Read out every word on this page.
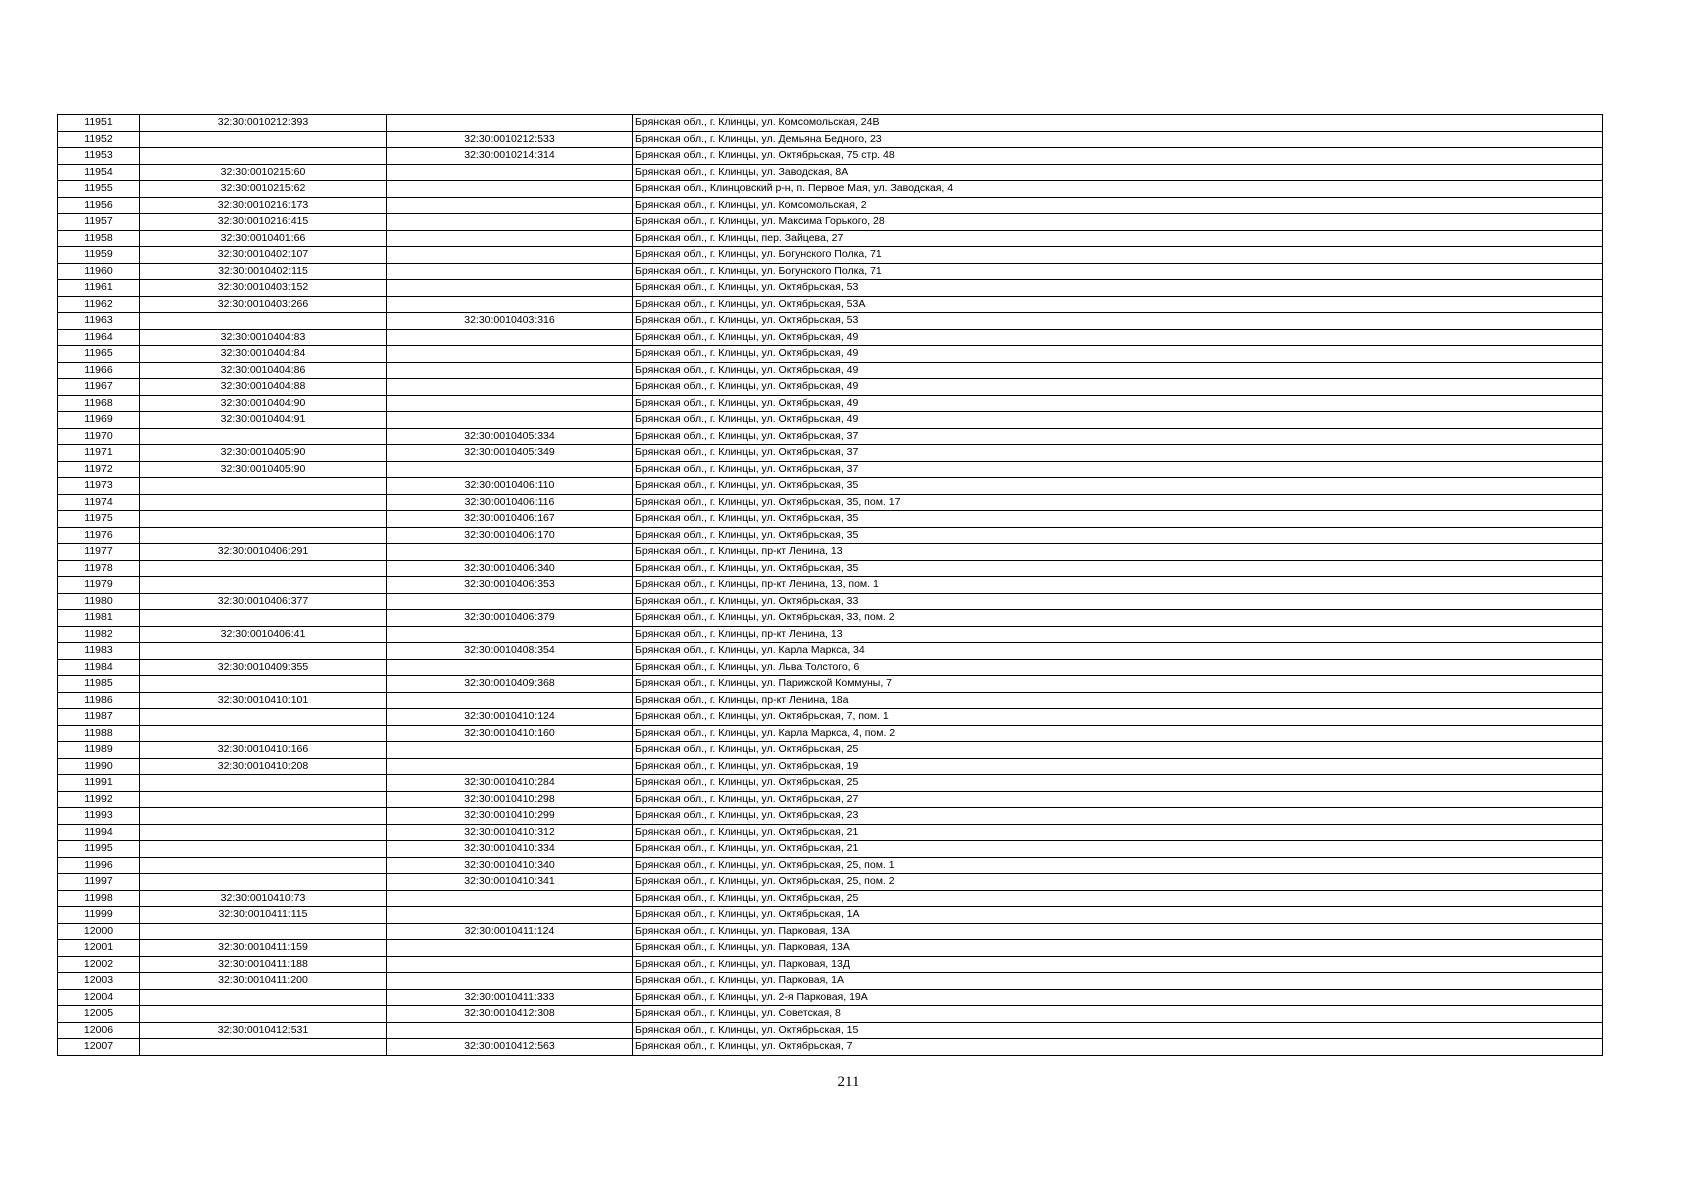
11951	32:30:0010212:393		Брянская обл., г. Клинцы, ул. Комсомольская, 24В
11952		32:30:0010212:533	Брянская обл., г. Клинцы, ул. Демьяна Бедного, 23
11953		32:30:0010214:314	Брянская обл., г. Клинцы, ул. Октябрьская, 75 стр. 48
11954	32:30:0010215:60		Брянская обл., г. Клинцы, ул. Заводская, 8А
11955	32:30:0010215:62		Брянская обл., Клинцовский р-н, п. Первое Мая, ул. Заводская, 4
11956	32:30:0010216:173		Брянская обл., г. Клинцы, ул. Комсомольская, 2
11957	32:30:0010216:415		Брянская обл., г. Клинцы, ул. Максима Горького, 28
11958	32:30:0010401:66		Брянская обл., г. Клинцы, пер. Зайцева, 27
11959	32:30:0010402:107		Брянская обл., г. Клинцы, ул. Богунского Полка, 71
11960	32:30:0010402:115		Брянская обл., г. Клинцы, ул. Богунского Полка, 71
11961	32:30:0010403:152		Брянская обл., г. Клинцы, ул. Октябрьская, 53
11962	32:30:0010403:266		Брянская обл., г. Клинцы, ул. Октябрьская, 53А
11963		32:30:0010403:316	Брянская обл., г. Клинцы, ул. Октябрьская, 53
11964	32:30:0010404:83		Брянская обл., г. Клинцы, ул. Октябрьская, 49
11965	32:30:0010404:84		Брянская обл., г. Клинцы, ул. Октябрьская, 49
11966	32:30:0010404:86		Брянская обл., г. Клинцы, ул. Октябрьская, 49
11967	32:30:0010404:88		Брянская обл., г. Клинцы, ул. Октябрьская, 49
11968	32:30:0010404:90		Брянская обл., г. Клинцы, ул. Октябрьская, 49
11969	32:30:0010404:91		Брянская обл., г. Клинцы, ул. Октябрьская, 49
11970		32:30:0010405:334	Брянская обл., г. Клинцы, ул. Октябрьская, 37
11971	32:30:0010405:90	32:30:0010405:349	Брянская обл., г. Клинцы, ул. Октябрьская, 37
11972	32:30:0010405:90		Брянская обл., г. Клинцы, ул. Октябрьская, 37
11973		32:30:0010406:110	Брянская обл., г. Клинцы, ул. Октябрьская, 35
11974		32:30:0010406:116	Брянская обл., г. Клинцы, ул. Октябрьская, 35, пом. 17
11975		32:30:0010406:167	Брянская обл., г. Клинцы, ул. Октябрьская, 35
11976		32:30:0010406:170	Брянская обл., г. Клинцы, ул. Октябрьская, 35
11977	32:30:0010406:291		Брянская обл., г. Клинцы, пр-кт Ленина, 13
11978		32:30:0010406:340	Брянская обл., г. Клинцы, ул. Октябрьская, 35
11979		32:30:0010406:353	Брянская обл., г. Клинцы, пр-кт Ленина, 13, пом. 1
11980	32:30:0010406:377		Брянская обл., г. Клинцы, ул. Октябрьская, 33
11981		32:30:0010406:379	Брянская обл., г. Клинцы, ул. Октябрьская, 33, пом. 2
11982	32:30:0010406:41		Брянская обл., г. Клинцы, пр-кт Ленина, 13
11983		32:30:0010408:354	Брянская обл., г. Клинцы, ул. Карла Маркса, 34
11984	32:30:0010409:355		Брянская обл., г. Клинцы, ул. Льва Толстого, 6
11985		32:30:0010409:368	Брянская обл., г. Клинцы, ул. Парижской Коммуны, 7
11986	32:30:0010410:101		Брянская обл., г. Клинцы, пр-кт Ленина, 18а
11987		32:30:0010410:124	Брянская обл., г. Клинцы, ул. Октябрьская, 7, пом. 1
11988		32:30:0010410:160	Брянская обл., г. Клинцы, ул. Карла Маркса, 4, пом. 2
11989	32:30:0010410:166		Брянская обл., г. Клинцы, ул. Октябрьская, 25
11990	32:30:0010410:208		Брянская обл., г. Клинцы, ул. Октябрьская, 19
11991		32:30:0010410:284	Брянская обл., г. Клинцы, ул. Октябрьская, 25
11992		32:30:0010410:298	Брянская обл., г. Клинцы, ул. Октябрьская, 27
11993		32:30:0010410:299	Брянская обл., г. Клинцы, ул. Октябрьская, 23
11994		32:30:0010410:312	Брянская обл., г. Клинцы, ул. Октябрьская, 21
11995		32:30:0010410:334	Брянская обл., г. Клинцы, ул. Октябрьская, 21
11996		32:30:0010410:340	Брянская обл., г. Клинцы, ул. Октябрьская, 25, пом. 1
11997		32:30:0010410:341	Брянская обл., г. Клинцы, ул. Октябрьская, 25, пом. 2
11998	32:30:0010410:73		Брянская обл., г. Клинцы, ул. Октябрьская, 25
11999	32:30:0010411:115		Брянская обл., г. Клинцы, ул. Октябрьская, 1А
12000		32:30:0010411:124	Брянская обл., г. Клинцы, ул. Парковая, 13А
12001	32:30:0010411:159		Брянская обл., г. Клинцы, ул. Парковая, 13А
12002	32:30:0010411:188		Брянская обл., г. Клинцы, ул. Парковая, 13Д
12003	32:30:0010411:200		Брянская обл., г. Клинцы, ул. Парковая, 1А
12004		32:30:0010411:333	Брянская обл., г. Клинцы, ул. 2-я Парковая, 19А
12005		32:30:0010412:308	Брянская обл., г. Клинцы, ул. Советская, 8
12006	32:30:0010412:531		Брянская обл., г. Клинцы, ул. Октябрьская, 15
12007		32:30:0010412:563	Брянская обл., г. Клинцы, ул. Октябрьская, 7
211
